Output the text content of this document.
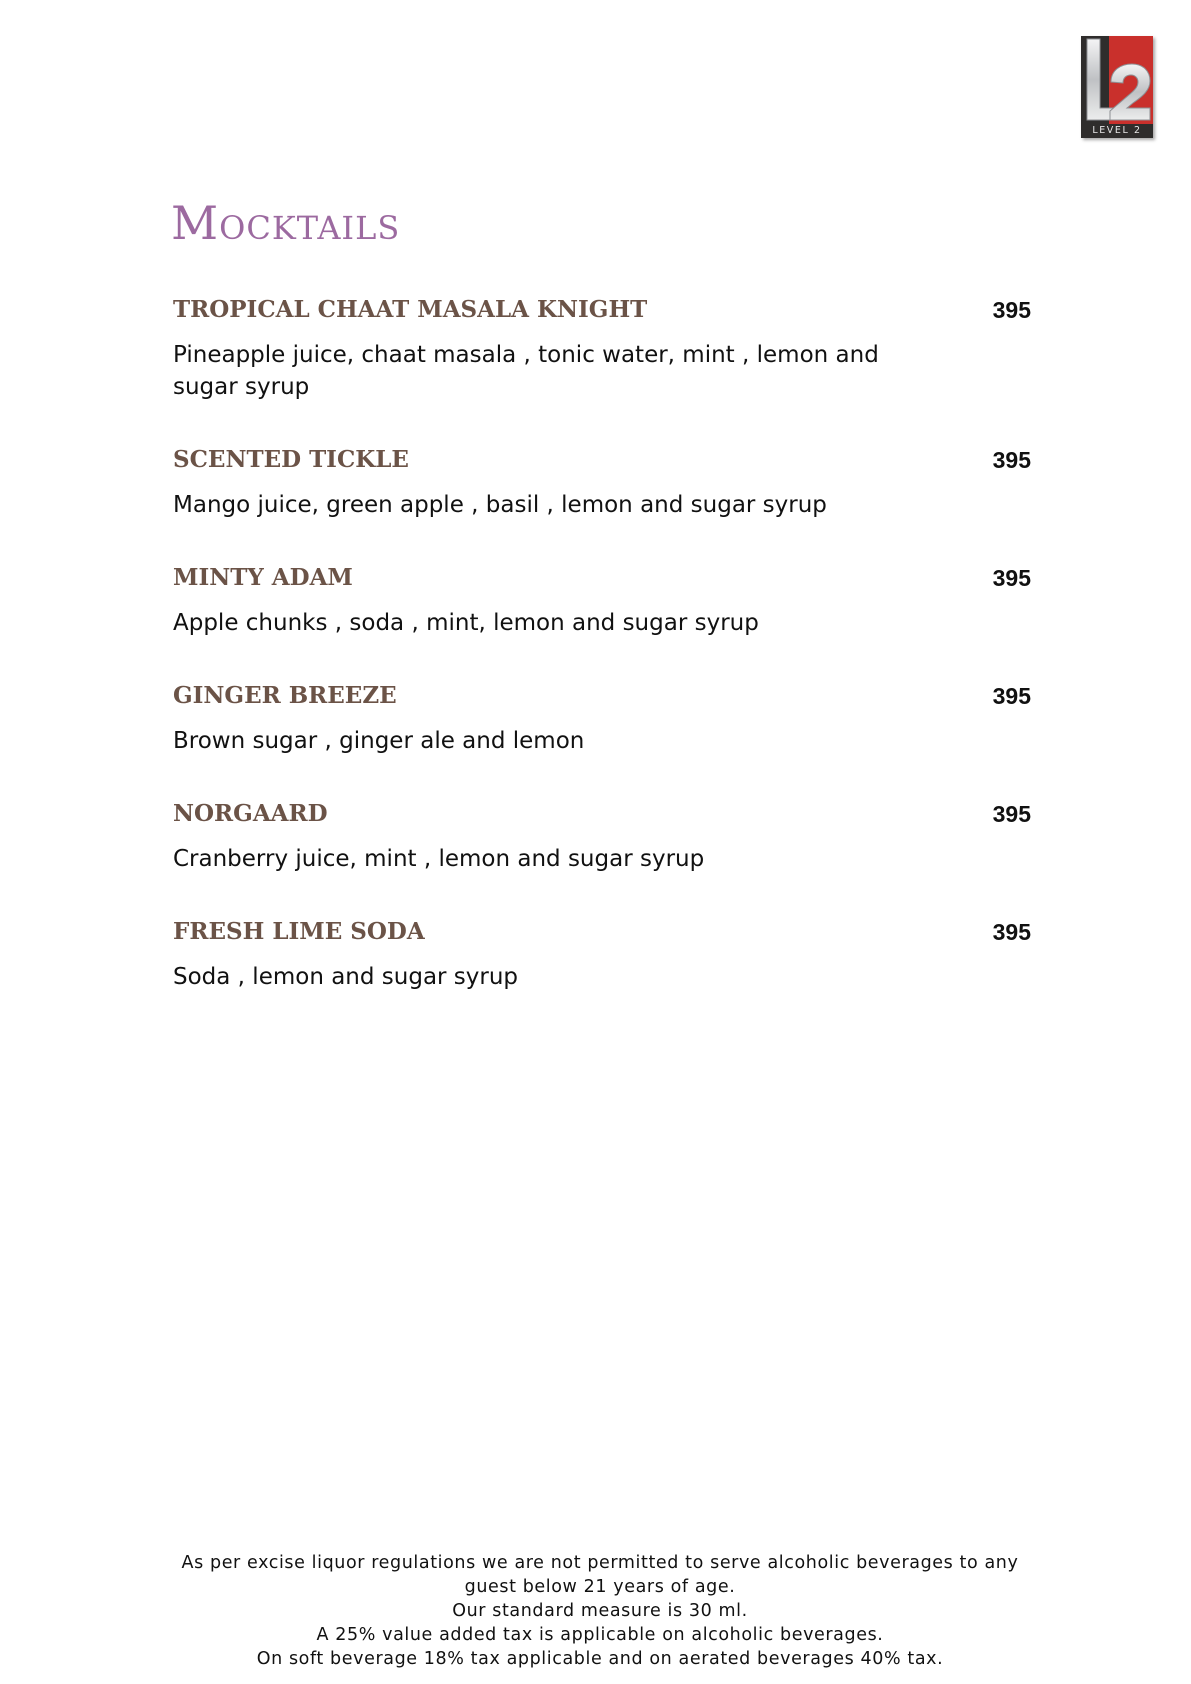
LEVEL 2
Mocktails
TROPICAL CHAAT MASALA KNIGHT	395
Pineapple juice, chaat masala , tonic water, mint , lemon and sugar syrup
SCENTED TICKLE	395
Mango juice, green apple , basil , lemon and sugar syrup
MINTY ADAM	395
Apple chunks , soda , mint, lemon and sugar syrup
GINGER BREEZE	395
Brown sugar , ginger ale and lemon
NORGAARD	395
Cranberry juice, mint , lemon and sugar syrup
FRESH LIME SODA	395
Soda , lemon and sugar syrup
As per excise liquor regulations we are not permitted to serve alcoholic beverages to any
guest below 21 years of age.
Our standard measure is 30 ml.
A 25% value added tax is applicable on alcoholic beverages.
On soft beverage 18% tax applicable and on aerated beverages 40% tax.
